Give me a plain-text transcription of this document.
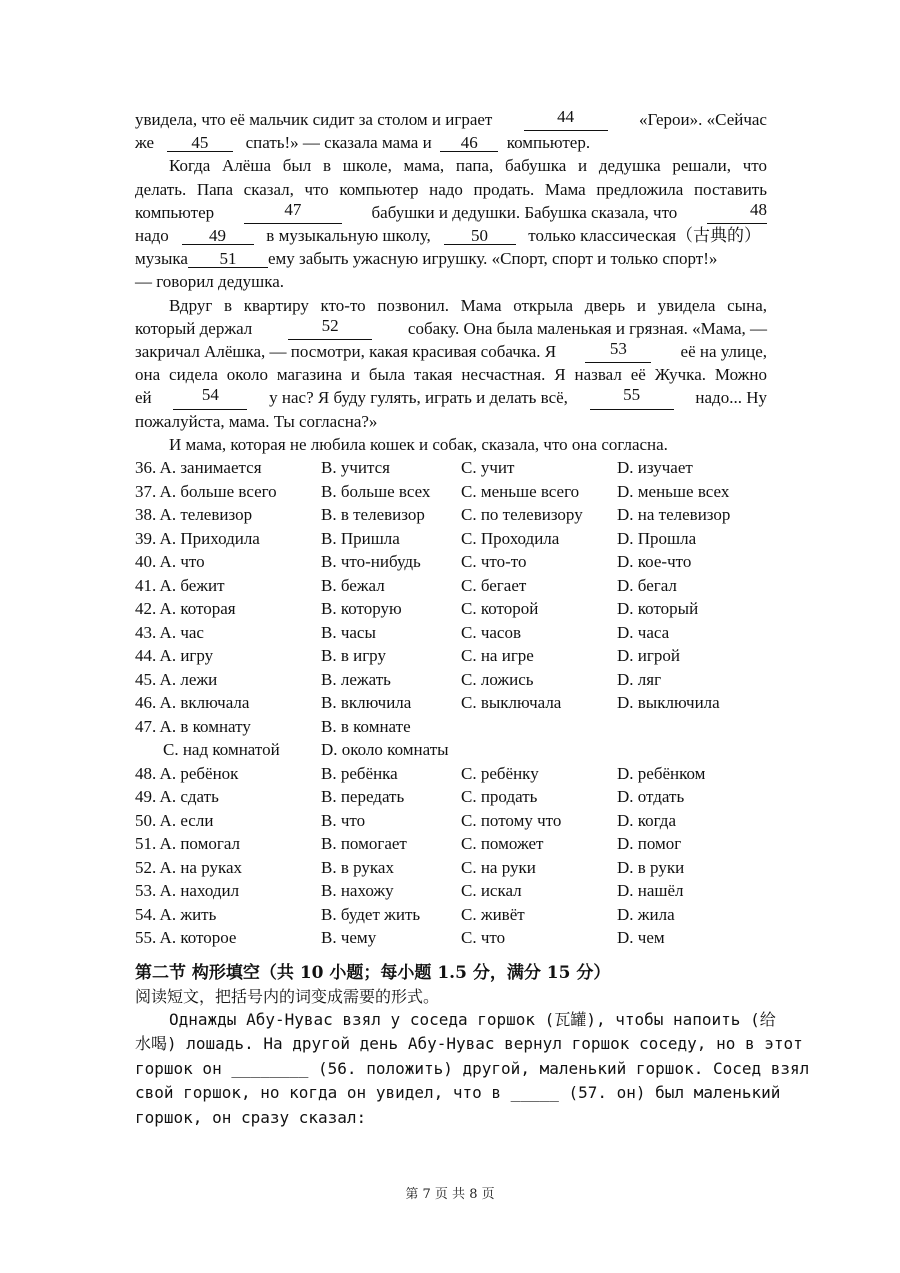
увидела, что её мальчик сидит за столом и играет	44	«Герои». «Сейчас
же 45 спать!» — сказала мама и 46 компьютер.
Когда Алёша был в школе, мама, папа, бабушка и дедушка решали, что
делать. Папа сказал, что компьютер надо продать. Мама предложила поставить
компьютер	47	бабушки и дедушки. Бабушка сказала, что	48
надо 49 в музыкальную школу, 50 только классическая（古典的）
музыка 51 ему забыть ужасную игрушку. «Спорт, спорт и только спорт!»
— говорил дедушка.
Вдруг в квартиру кто-то позвонил. Мама открыла дверь и увидела сына,
который держал	52	собаку. Она была маленькая и грязная. «Мама, —
закричал Алёшка, — посмотри, какая красивая собачка. Я	53	её на улице,
она сидела около магазина и была такая несчастная. Я назвал её Жучка. Можно
ей	54	у нас? Я буду гулять, играть и делать всё,	55	надо... Ну
пожалуйста, мама. Ты согласна?»
И мама, которая не любила кошек и собак, сказала, что она согласна.
36. A. занимается	B. учится	C. учит	D. изучает
37. A. больше всего	B. больше всех	C. меньше всего	D. меньше всех
38. A. телевизор	B. в телевизор	C. по телевизору	D. на телевизор
39. A. Приходила	B. Пришла	C. Проходила	D. Прошла
40. A. что	B. что-нибудь	C. что-то	D. кое-что
41. A. бежит	B. бежал	C. бегает	D. бегал
42. A. которая	B. которую	C. которой	D. который
43. A. час	B. часы	C. часов	D. часа
44. A. игру	B. в игру	C. на игре	D. игрой
45. A. лежи	B. лежать	C. ложись	D. ляг
46. A. включала	B. включила	C. выключала	D. выключила
47. A. в комнату	B. в комнате
C. над комнатой	D. около комнаты
48. A. ребёнок	B. ребёнка	C. ребёнку	D. ребёнком
49. A. сдать	B. передать	C. продать	D. отдать
50. A. если	B. что	C. потому что	D. когда
51. A. помогал	B. помогает	C. поможет	D. помог
52. A. на руках	B. в руках	C. на руки	D. в руки
53. A. находил	B. нахожу	C. искал	D. нашёл
54. A. жить	B. будет жить	C. живёт	D. жила
55. A. которое	B. чему	C. что	D. чем
第二节 构形填空（共 10 小题；每小题 1.5 分，满分 15 分）
阅读短文，把括号内的词变成需要的形式。
Однажды Абу-Нувас взял у соседа горшок (瓦罐), чтобы напоить (给
水喝) лошадь. На другой день Абу-Нувас вернул горшок соседу, но в этот
горшок он ________ (56. положить) другой, маленький горшок. Сосед взял
свой горшок, но когда он увидел, что в _____ (57. он) был маленький
горшок, он сразу сказал:
第 7 页 共 8 页
